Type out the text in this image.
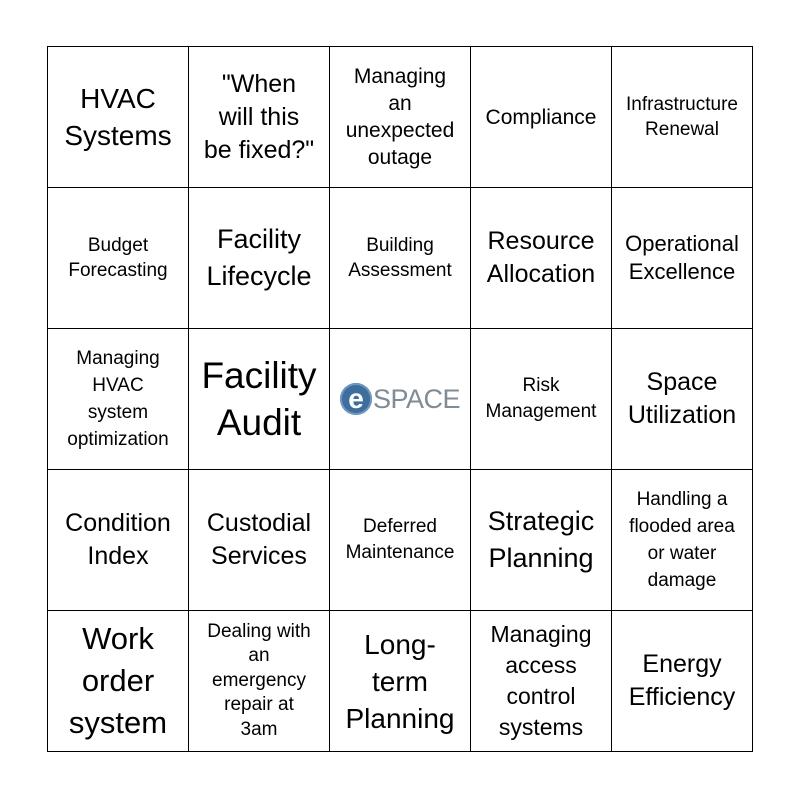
HVAC
Systems
"When
will this
be fixed?"
Managing
an
unexpected
outage
Compliance
Infrastructure
Renewal
Budget
Forecasting
Facility
Lifecycle
Building
Assessment
Resource
Allocation
Operational
Excellence
Managing
HVAC
system
optimization
Facility
Audit
e SPACE	Risk
Management
Space
Utilization
Condition
Index
Custodial
Services
Deferred
Maintenance
Strategic
Planning
Handling a
flooded area
or water
damage
Work
order
system
Dealing with
an
emergency
repair at
3am
Long-
term
Planning
Managing
access
control
systems
Energy
Efficiency
